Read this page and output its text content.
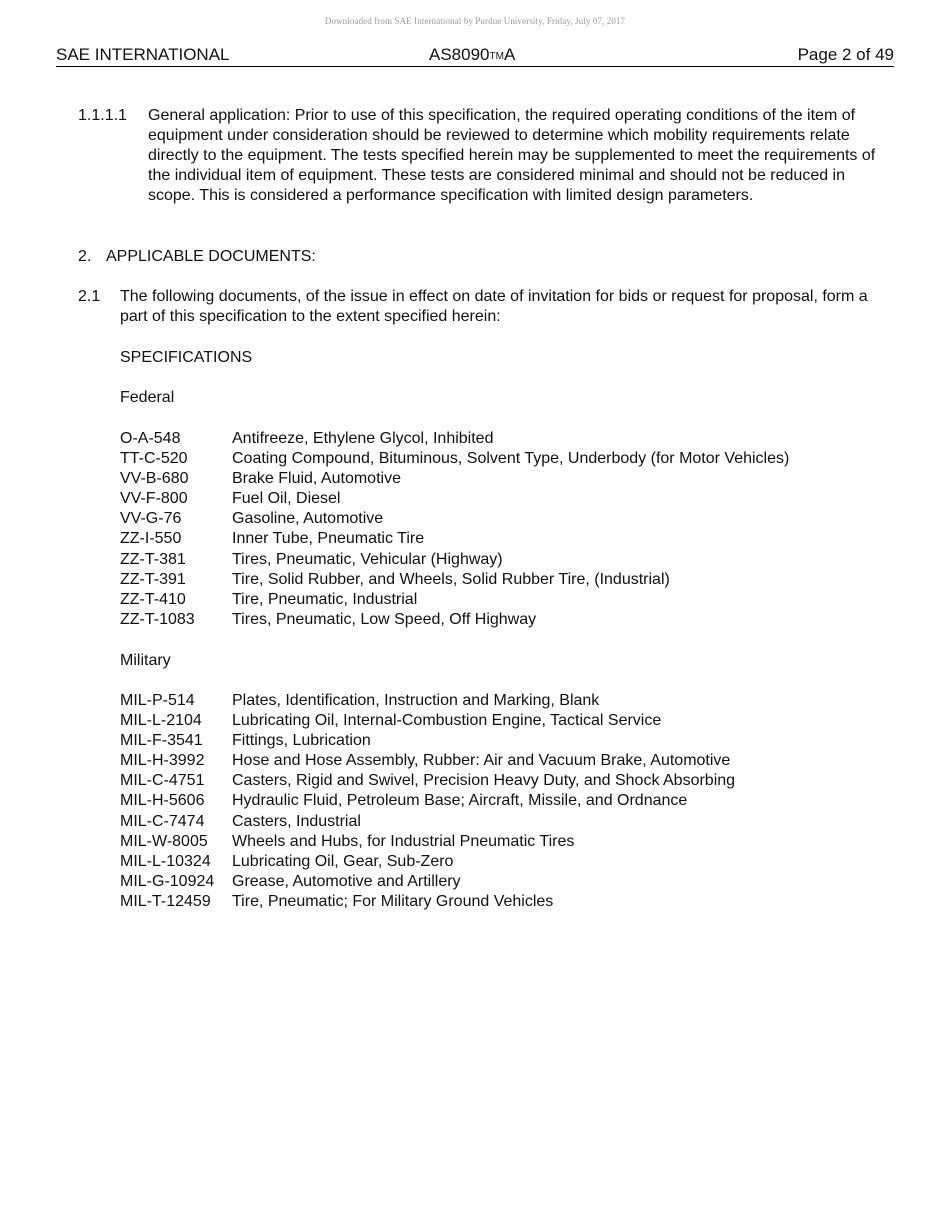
Downloaded from SAE International by Purdue University, Friday, July 07, 2017
SAE INTERNATIONAL	AS8090TMA	Page 2 of 49
1.1.1.1 General application: Prior to use of this specification, the required operating conditions of the item of equipment under consideration should be reviewed to determine which mobility requirements relate directly to the equipment. The tests specified herein may be supplemented to meet the requirements of the individual item of equipment. These tests are considered minimal and should not be reduced in scope. This is considered a performance specification with limited design parameters.
2. APPLICABLE DOCUMENTS:
2.1 The following documents, of the issue in effect on date of invitation for bids or request for proposal, form a part of this specification to the extent specified herein:
SPECIFICATIONS
Federal
O-A-548	Antifreeze, Ethylene Glycol, Inhibited
TT-C-520	Coating Compound, Bituminous, Solvent Type, Underbody (for Motor Vehicles)
VV-B-680	Brake Fluid, Automotive
VV-F-800	Fuel Oil, Diesel
VV-G-76	Gasoline, Automotive
ZZ-I-550	Inner Tube, Pneumatic Tire
ZZ-T-381	Tires, Pneumatic, Vehicular (Highway)
ZZ-T-391	Tire, Solid Rubber, and Wheels, Solid Rubber Tire, (Industrial)
ZZ-T-410	Tire, Pneumatic, Industrial
ZZ-T-1083 Tires, Pneumatic, Low Speed, Off Highway
Military
MIL-P-514 Plates, Identification, Instruction and Marking, Blank
MIL-L-2104 Lubricating Oil, Internal-Combustion Engine, Tactical Service
MIL-F-3541 Fittings, Lubrication
MIL-H-3992 Hose and Hose Assembly, Rubber: Air and Vacuum Brake, Automotive
MIL-C-4751 Casters, Rigid and Swivel, Precision Heavy Duty, and Shock Absorbing
MIL-H-5606 Hydraulic Fluid, Petroleum Base; Aircraft, Missile, and Ordnance
MIL-C-7474 Casters, Industrial
MIL-W-8005 Wheels and Hubs, for Industrial Pneumatic Tires
MIL-L-10324 Lubricating Oil, Gear, Sub-Zero
MIL-G-10924 Grease, Automotive and Artillery
MIL-T-12459 Tire, Pneumatic; For Military Ground Vehicles
